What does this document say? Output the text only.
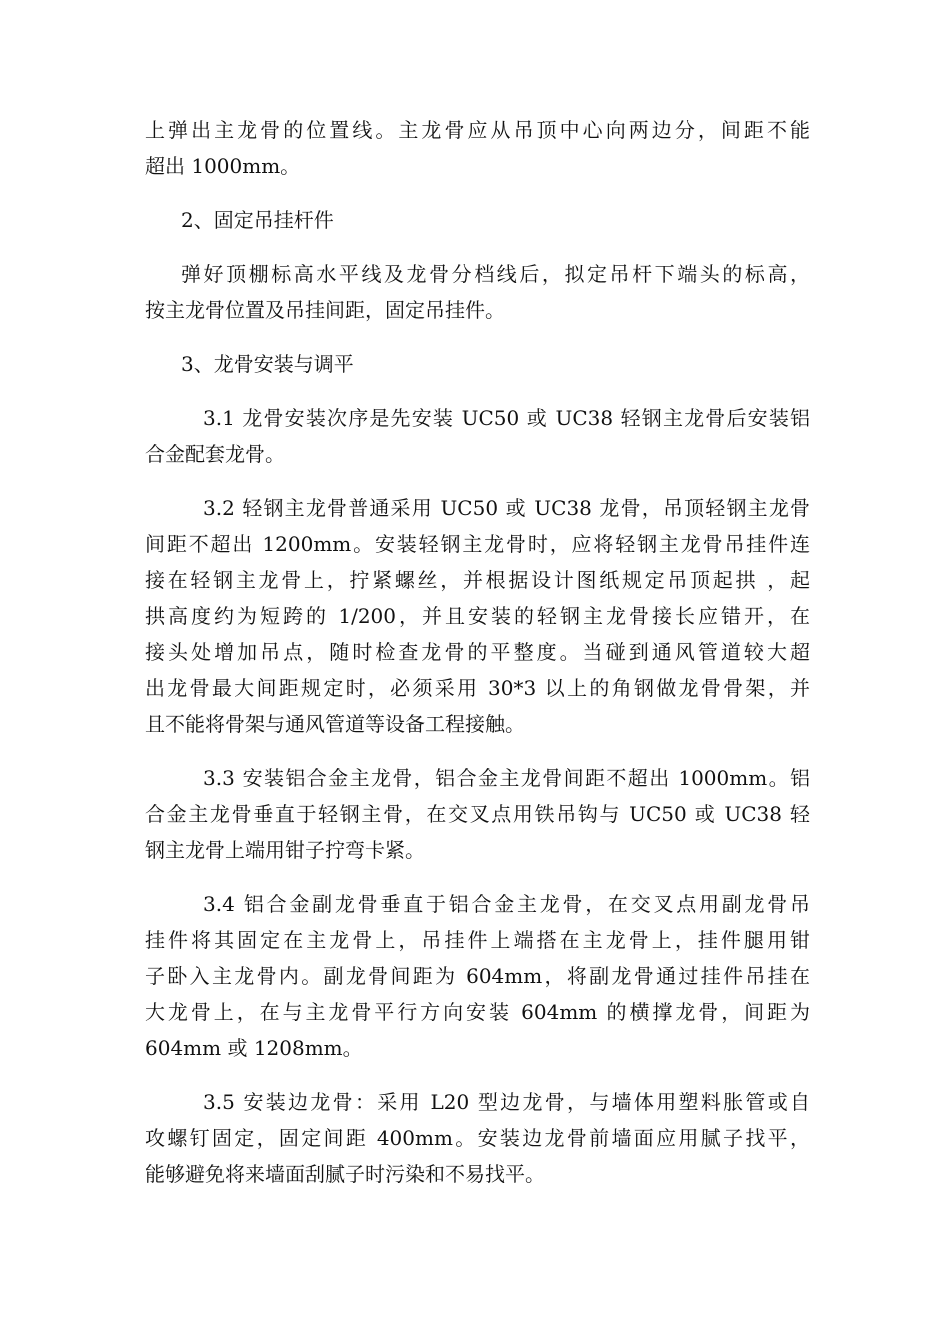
上弹出主龙骨的位置线。主龙骨应从吊顶中心向两边分，间距不能
超出 1000mm。
2、固定吊挂杆件
弹好顶棚标高水平线及龙骨分档线后，拟定吊杆下端头的标高，
按主龙骨位置及吊挂间距，固定吊挂件。
3、龙骨安装与调平
3.1 龙骨安装次序是先安装 UC50 或 UC38 轻钢主龙骨后安装铝
合金配套龙骨。
3.2 轻钢主龙骨普通采用 UC50 或 UC38 龙骨，吊顶轻钢主龙骨
间距不超出 1200mm。安装轻钢主龙骨时，应将轻钢主龙骨吊挂件连
接在轻钢主龙骨上，拧紧螺丝，并根据设计图纸规定吊顶起拱 ，起
拱高度约为短跨的 1/200，并且安装的轻钢主龙骨接长应错开，在
接头处增加吊点，随时检查龙骨的平整度。当碰到通风管道较大超
出龙骨最大间距规定时，必须采用 30*3 以上的角钢做龙骨骨架，并
且不能将骨架与通风管道等设备工程接触。
3.3 安装铝合金主龙骨，铝合金主龙骨间距不超出 1000mm。铝
合金主龙骨垂直于轻钢主骨，在交叉点用铁吊钩与 UC50 或 UC38 轻
钢主龙骨上端用钳子拧弯卡紧。
3.4 铝合金副龙骨垂直于铝合金主龙骨，在交叉点用副龙骨吊
挂件将其固定在主龙骨上，吊挂件上端搭在主龙骨上，挂件腿用钳
子卧入主龙骨内。副龙骨间距为 604mm，将副龙骨通过挂件吊挂在
大龙骨上，在与主龙骨平行方向安装 604mm 的横撑龙骨，间距为
604mm 或 1208mm。
3.5 安装边龙骨：采用 L20 型边龙骨，与墙体用塑料胀管或自
攻螺钉固定，固定间距 400mm。安装边龙骨前墙面应用腻子找平，
能够避免将来墙面刮腻子时污染和不易找平。
